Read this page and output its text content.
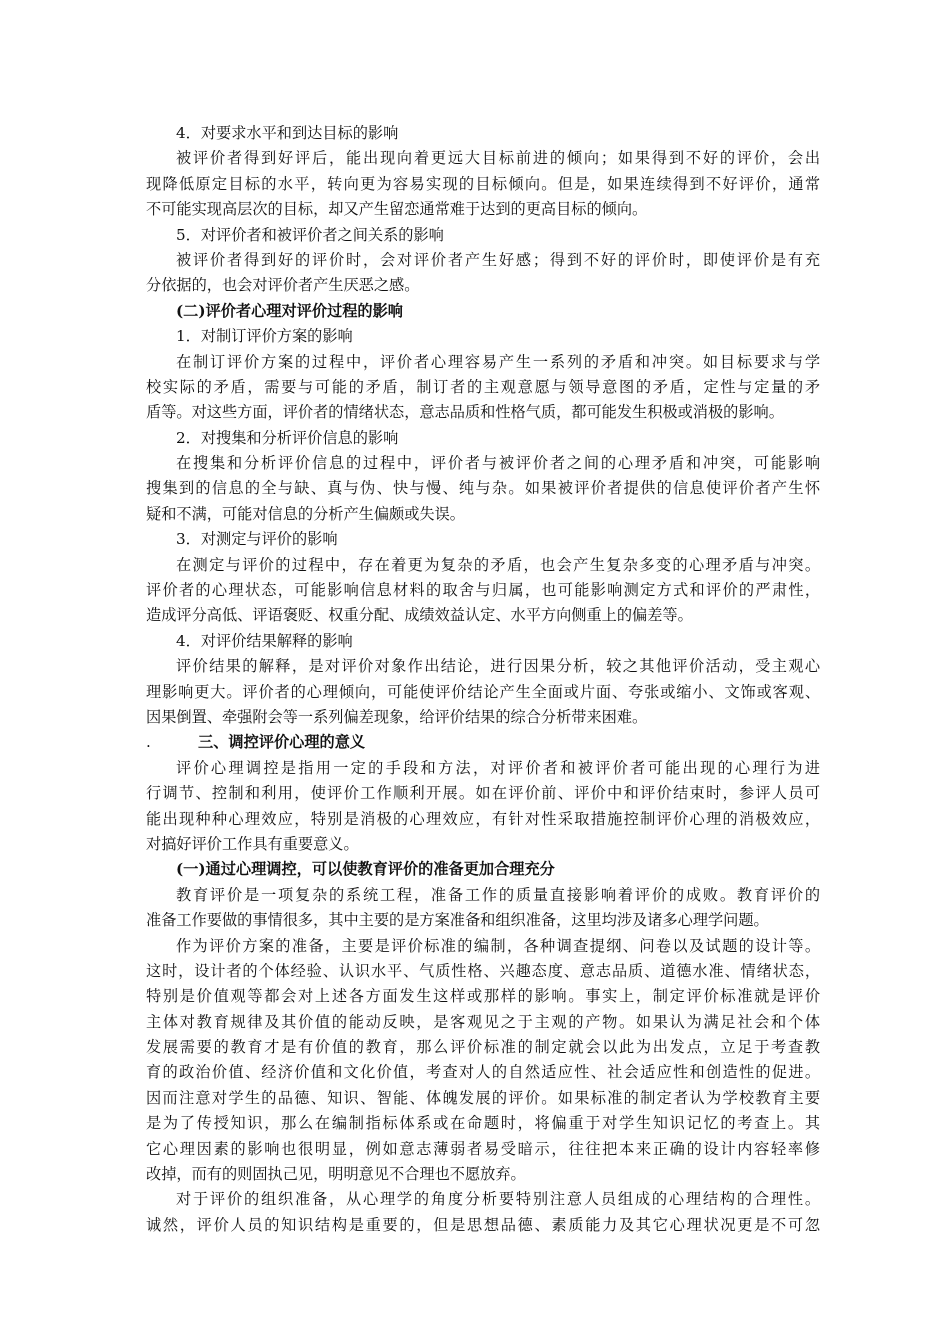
4．对要求水平和到达目标的影响
被评价者得到好评后，能出现向着更远大目标前进的倾向；如果得到不好的评价，会出
现降低原定目标的水平，转向更为容易实现的目标倾向。但是，如果连续得到不好评价，通常
不可能实现高层次的目标，却又产生留恋通常难于达到的更高目标的倾向。
5．对评价者和被评价者之间关系的影响
被评价者得到好的评价时，会对评价者产生好感；得到不好的评价时，即使评价是有充
分依据的，也会对评价者产生厌恶之感。
(二)评价者心理对评价过程的影响
1．对制订评价方案的影响
在制订评价方案的过程中，评价者心理容易产生一系列的矛盾和冲突。如目标要求与学
校实际的矛盾，需要与可能的矛盾，制订者的主观意愿与领导意图的矛盾，定性与定量的矛
盾等。对这些方面，评价者的情绪状态，意志品质和性格气质，都可能发生积极或消极的影响。
2．对搜集和分析评价信息的影响
在搜集和分析评价信息的过程中，评价者与被评价者之间的心理矛盾和冲突，可能影响
搜集到的信息的全与缺、真与伪、快与慢、纯与杂。如果被评价者提供的信息使评价者产生怀
疑和不满，可能对信息的分析产生偏颇或失误。
3．对测定与评价的影响
在测定与评价的过程中，存在着更为复杂的矛盾，也会产生复杂多变的心理矛盾与冲突。
评价者的心理状态，可能影响信息材料的取舍与归属，也可能影响测定方式和评价的严肃性，
造成评分高低、评语褒贬、权重分配、成绩效益认定、水平方向侧重上的偏差等。
4．对评价结果解释的影响
评价结果的解释，是对评价对象作出结论，进行因果分析，较之其他评价活动，受主观心
理影响更大。评价者的心理倾向，可能使评价结论产生全面或片面、夸张或缩小、文饰或客观、
因果倒置、牵强附会等一系列偏差现象，给评价结果的综合分析带来困难。
.	三、调控评价心理的意义
评价心理调控是指用一定的手段和方法，对评价者和被评价者可能出现的心理行为进
行调节、控制和利用，使评价工作顺利开展。如在评价前、评价中和评价结束时，参评人员可
能出现种种心理效应，特别是消极的心理效应，有针对性采取措施控制评价心理的消极效应，
对搞好评价工作具有重要意义。
(一)通过心理调控，可以使教育评价的准备更加合理充分
教育评价是一项复杂的系统工程，准备工作的质量直接影响着评价的成败。教育评价的
准备工作要做的事情很多，其中主要的是方案准备和组织准备，这里均涉及诸多心理学问题。
作为评价方案的准备，主要是评价标准的编制，各种调查提纲、问卷以及试题的设计等。
这时，设计者的个体经验、认识水平、气质性格、兴趣态度、意志品质、道德水准、情绪状态，
特别是价值观等都会对上述各方面发生这样或那样的影响。事实上，制定评价标准就是评价
主体对教育规律及其价值的能动反映，是客观见之于主观的产物。如果认为满足社会和个体
发展需要的教育才是有价值的教育，那么评价标准的制定就会以此为出发点，立足于考查教
育的政治价值、经济价值和文化价值，考查对人的自然适应性、社会适应性和创造性的促进。
因而注意对学生的品德、知识、智能、体魄发展的评价。如果标准的制定者认为学校教育主要
是为了传授知识，那么在编制指标体系或在命题时，将偏重于对学生知识记忆的考查上。其
它心理因素的影响也很明显，例如意志薄弱者易受暗示，往往把本来正确的设计内容轻率修
改掉，而有的则固执己见，明明意见不合理也不愿放弃。
对于评价的组织准备，从心理学的角度分析要特别注意人员组成的心理结构的合理性。
诚然，评价人员的知识结构是重要的，但是思想品德、素质能力及其它心理状况更是不可忽
